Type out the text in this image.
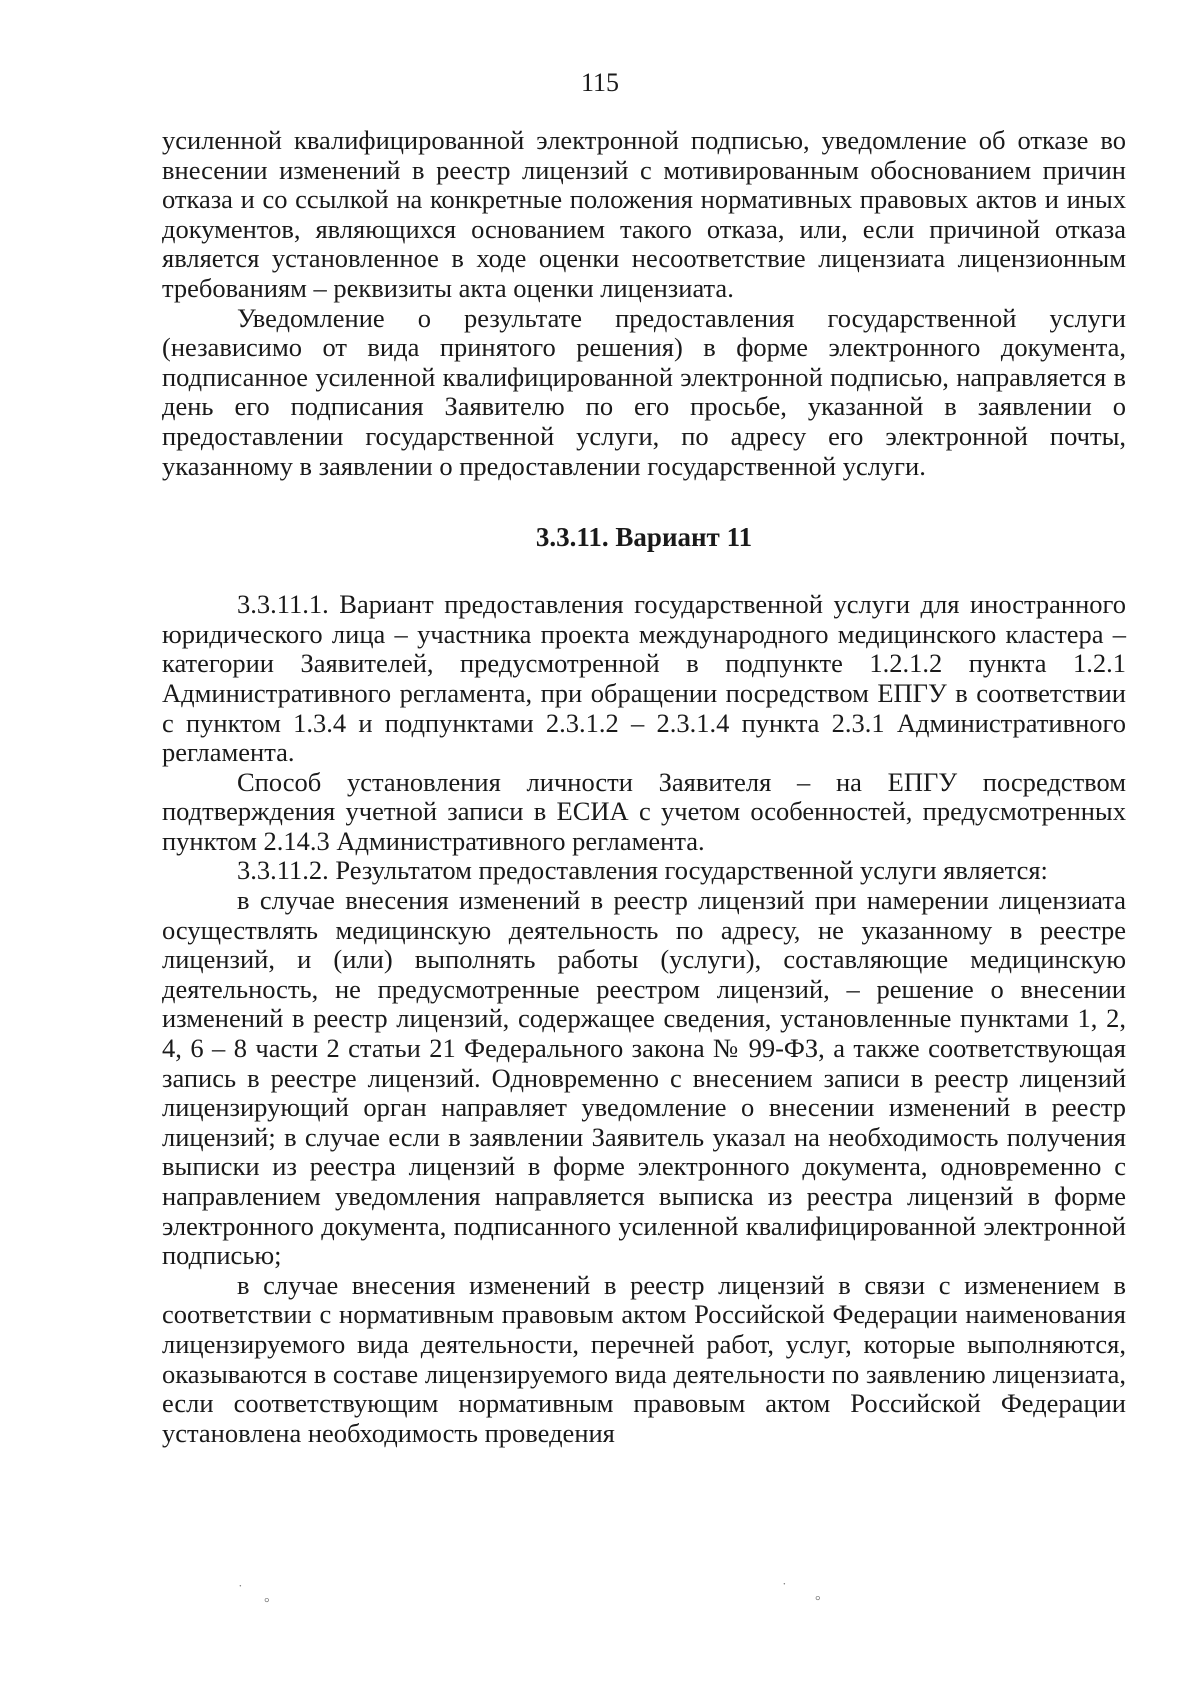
115

усиленной квалифицированной электронной подписью, уведомление об отказе во внесении изменений в реестр лицензий с мотивированным обоснованием причин отказа и со ссылкой на конкретные положения нормативных правовых актов и иных документов, являющихся основанием такого отказа, или, если причиной отказа является установленное в ходе оценки несоответствие лицензиата лицензионным требованиям – реквизиты акта оценки лицензиата.

Уведомление о результате предоставления государственной услуги (независимо от вида принятого решения) в форме электронного документа, подписанное усиленной квалифицированной электронной подписью, направляется в день его подписания Заявителю по его просьбе, указанной в заявлении о предоставлении государственной услуги, по адресу его электронной почты, указанному в заявлении о предоставлении государственной услуги.

3.3.11. Вариант 11

3.3.11.1. Вариант предоставления государственной услуги для иностранного юридического лица – участника проекта международного медицинского кластера – категории Заявителей, предусмотренной в подпункте 1.2.1.2 пункта 1.2.1 Административного регламента, при обращении посредством ЕПГУ в соответствии с пунктом 1.3.4 и подпунктами 2.3.1.2 – 2.3.1.4 пункта 2.3.1 Административного регламента.

Способ установления личности Заявителя – на ЕПГУ посредством подтверждения учетной записи в ЕСИА с учетом особенностей, предусмотренных пунктом 2.14.3 Административного регламента.

3.3.11.2. Результатом предоставления государственной услуги является:

в случае внесения изменений в реестр лицензий при намерении лицензиата осуществлять медицинскую деятельность по адресу, не указанному в реестре лицензий, и (или) выполнять работы (услуги), составляющие медицинскую деятельность, не предусмотренные реестром лицензий, – решение о внесении изменений в реестр лицензий, содержащее сведения, установленные пунктами 1, 2, 4, 6 – 8 части 2 статьи 21 Федерального закона № 99-ФЗ, а также соответствующая запись в реестре лицензий. Одновременно с внесением записи в реестр лицензий лицензирующий орган направляет уведомление о внесении изменений в реестр лицензий; в случае если в заявлении Заявитель указал на необходимость получения выписки из реестра лицензий в форме электронного документа, одновременно с направлением уведомления направляется выписка из реестра лицензий в форме электронного документа, подписанного усиленной квалифицированной электронной подписью;

в случае внесения изменений в реестр лицензий в связи с изменением в соответствии с нормативным правовым актом Российской Федерации наименования лицензируемого вида деятельности, перечней работ, услуг, которые выполняются, оказываются в составе лицензируемого вида деятельности по заявлению лицензиата, если соответствующим нормативным правовым актом Российской Федерации установлена необходимость проведения

˙
°
˙
°
